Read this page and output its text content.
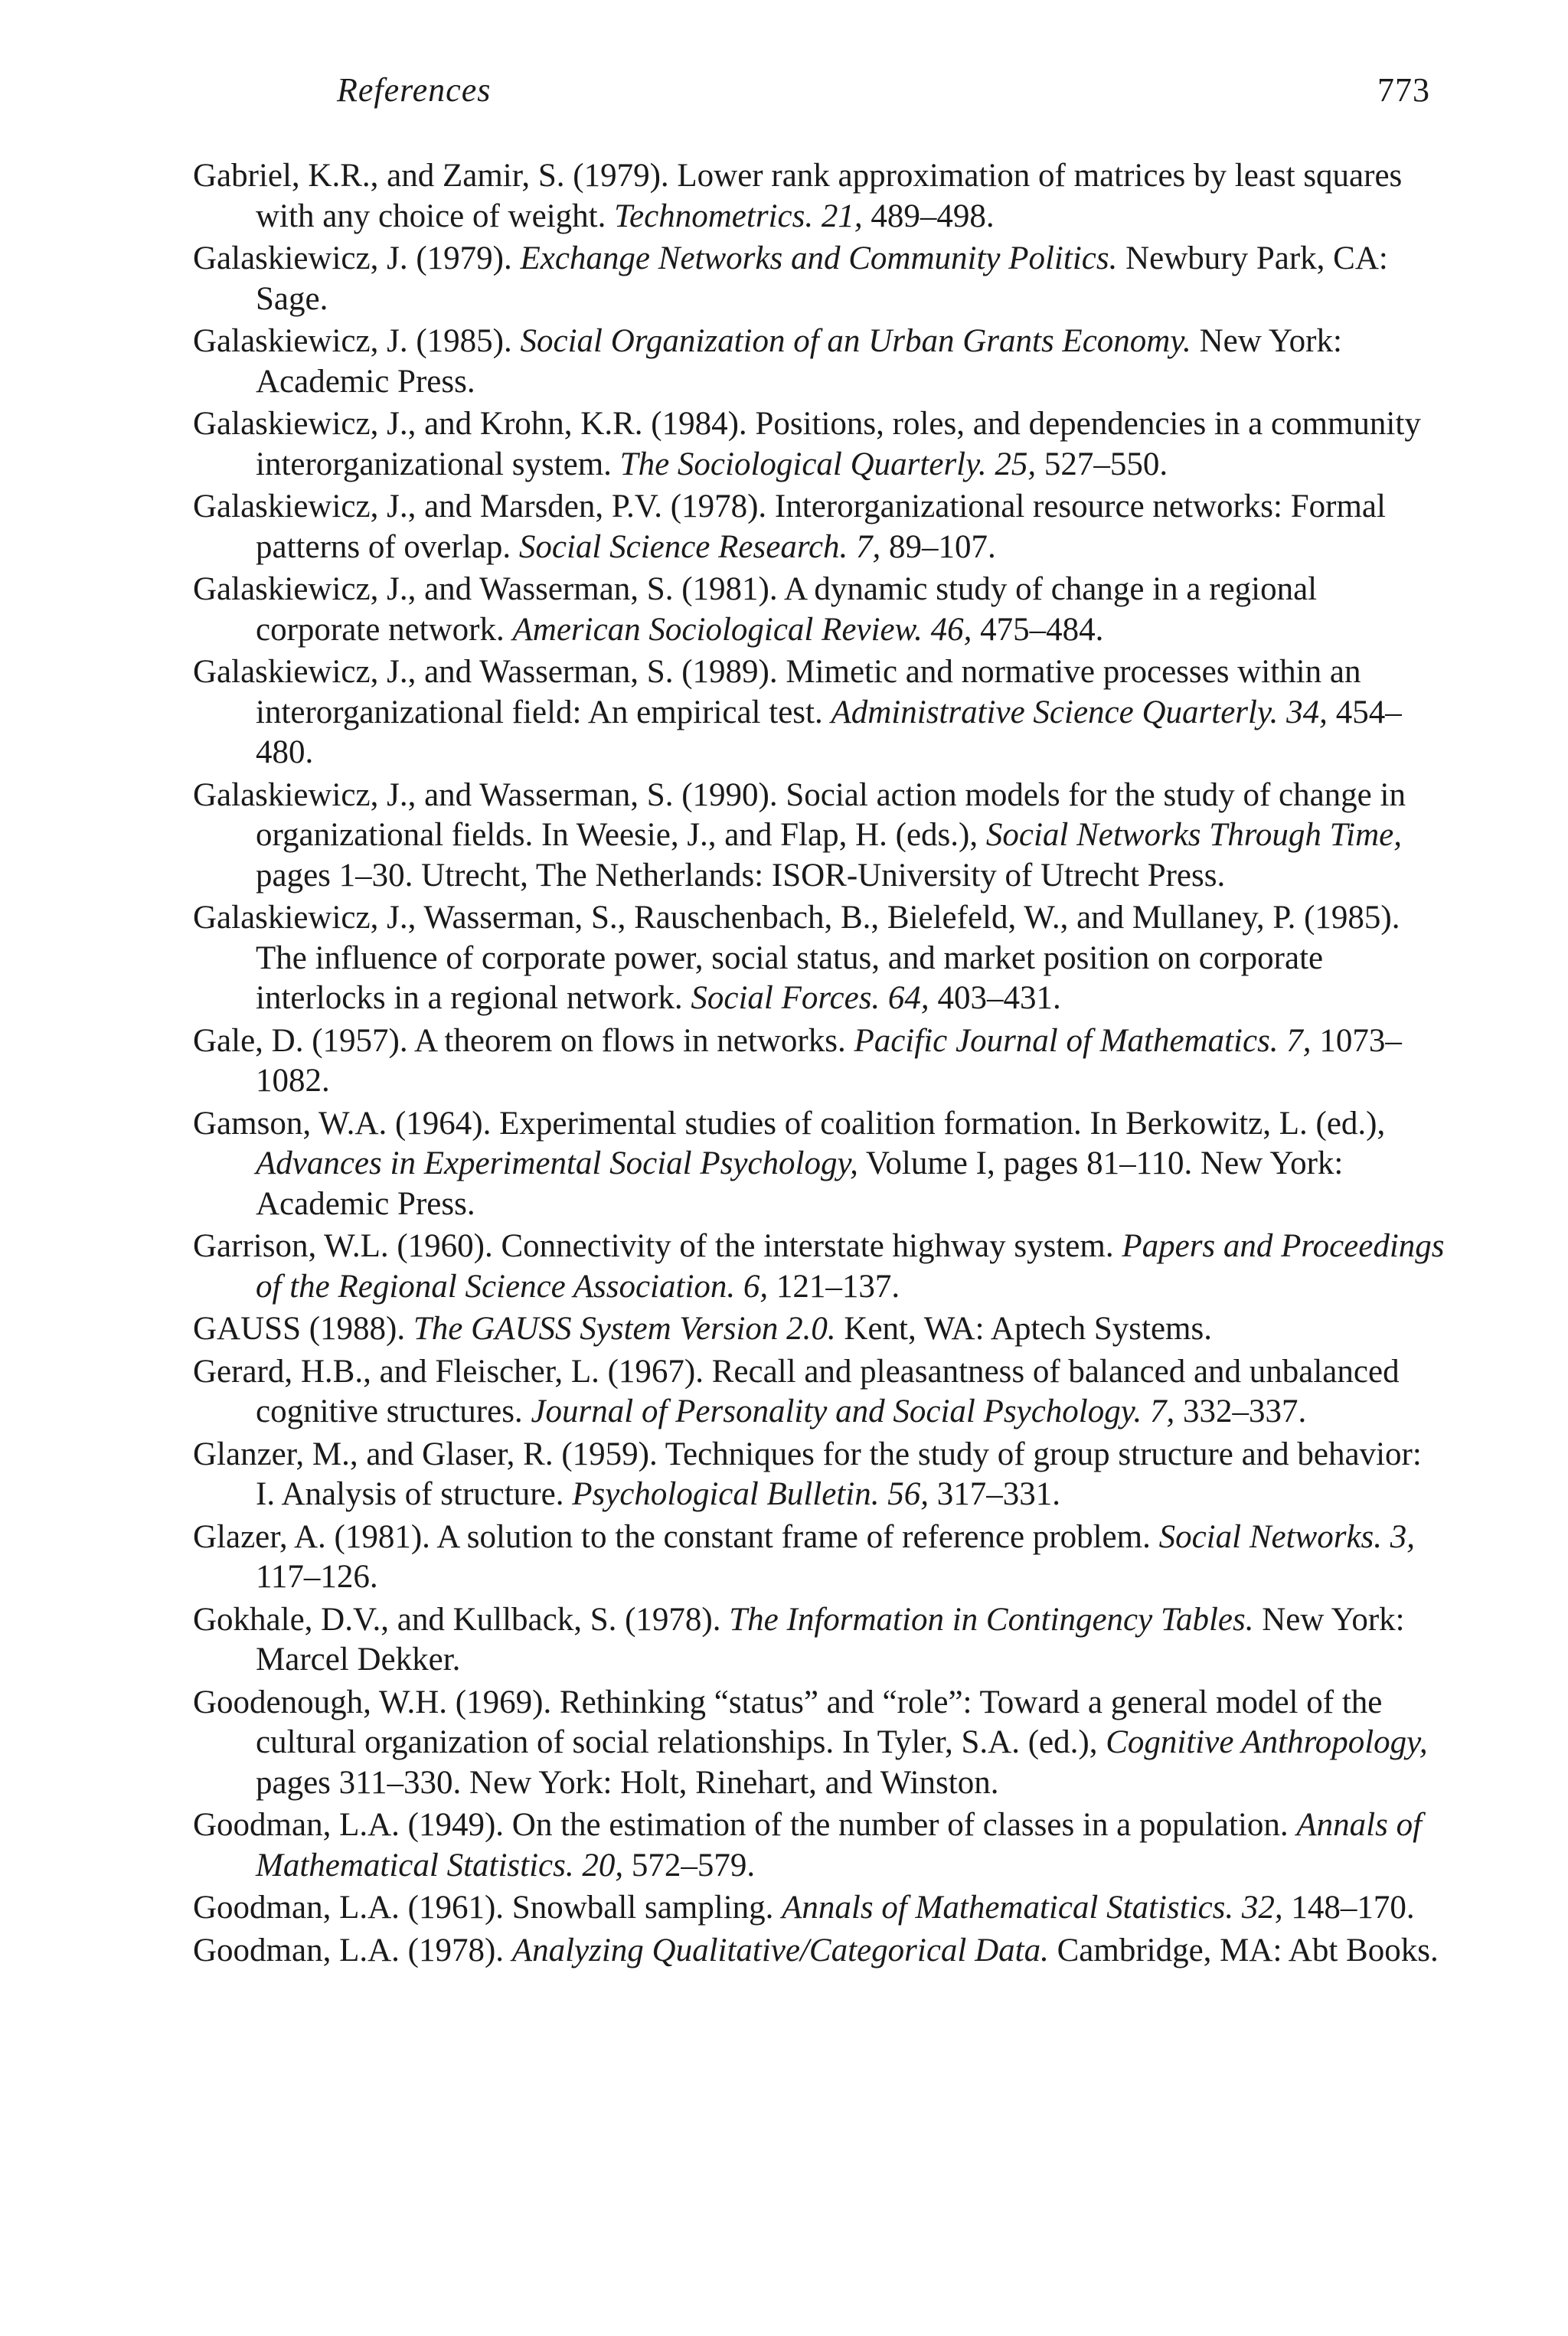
References	773
Gabriel, K.R., and Zamir, S. (1979). Lower rank approximation of matrices by least squares with any choice of weight. Technometrics. 21, 489–498.
Galaskiewicz, J. (1979). Exchange Networks and Community Politics. Newbury Park, CA: Sage.
Galaskiewicz, J. (1985). Social Organization of an Urban Grants Economy. New York: Academic Press.
Galaskiewicz, J., and Krohn, K.R. (1984). Positions, roles, and dependencies in a community interorganizational system. The Sociological Quarterly. 25, 527–550.
Galaskiewicz, J., and Marsden, P.V. (1978). Interorganizational resource networks: Formal patterns of overlap. Social Science Research. 7, 89–107.
Galaskiewicz, J., and Wasserman, S. (1981). A dynamic study of change in a regional corporate network. American Sociological Review. 46, 475–484.
Galaskiewicz, J., and Wasserman, S. (1989). Mimetic and normative processes within an interorganizational field: An empirical test. Administrative Science Quarterly. 34, 454–480.
Galaskiewicz, J., and Wasserman, S. (1990). Social action models for the study of change in organizational fields. In Weesie, J., and Flap, H. (eds.), Social Networks Through Time, pages 1–30. Utrecht, The Netherlands: ISOR-University of Utrecht Press.
Galaskiewicz, J., Wasserman, S., Rauschenbach, B., Bielefeld, W., and Mullaney, P. (1985). The influence of corporate power, social status, and market position on corporate interlocks in a regional network. Social Forces. 64, 403–431.
Gale, D. (1957). A theorem on flows in networks. Pacific Journal of Mathematics. 7, 1073–1082.
Gamson, W.A. (1964). Experimental studies of coalition formation. In Berkowitz, L. (ed.), Advances in Experimental Social Psychology, Volume I, pages 81–110. New York: Academic Press.
Garrison, W.L. (1960). Connectivity of the interstate highway system. Papers and Proceedings of the Regional Science Association. 6, 121–137.
GAUSS (1988). The GAUSS System Version 2.0. Kent, WA: Aptech Systems.
Gerard, H.B., and Fleischer, L. (1967). Recall and pleasantness of balanced and unbalanced cognitive structures. Journal of Personality and Social Psychology. 7, 332–337.
Glanzer, M., and Glaser, R. (1959). Techniques for the study of group structure and behavior: I. Analysis of structure. Psychological Bulletin. 56, 317–331.
Glazer, A. (1981). A solution to the constant frame of reference problem. Social Networks. 3, 117–126.
Gokhale, D.V., and Kullback, S. (1978). The Information in Contingency Tables. New York: Marcel Dekker.
Goodenough, W.H. (1969). Rethinking “status” and “role”: Toward a general model of the cultural organization of social relationships. In Tyler, S.A. (ed.), Cognitive Anthropology, pages 311–330. New York: Holt, Rinehart, and Winston.
Goodman, L.A. (1949). On the estimation of the number of classes in a population. Annals of Mathematical Statistics. 20, 572–579.
Goodman, L.A. (1961). Snowball sampling. Annals of Mathematical Statistics. 32, 148–170.
Goodman, L.A. (1978). Analyzing Qualitative/Categorical Data. Cambridge, MA: Abt Books.
